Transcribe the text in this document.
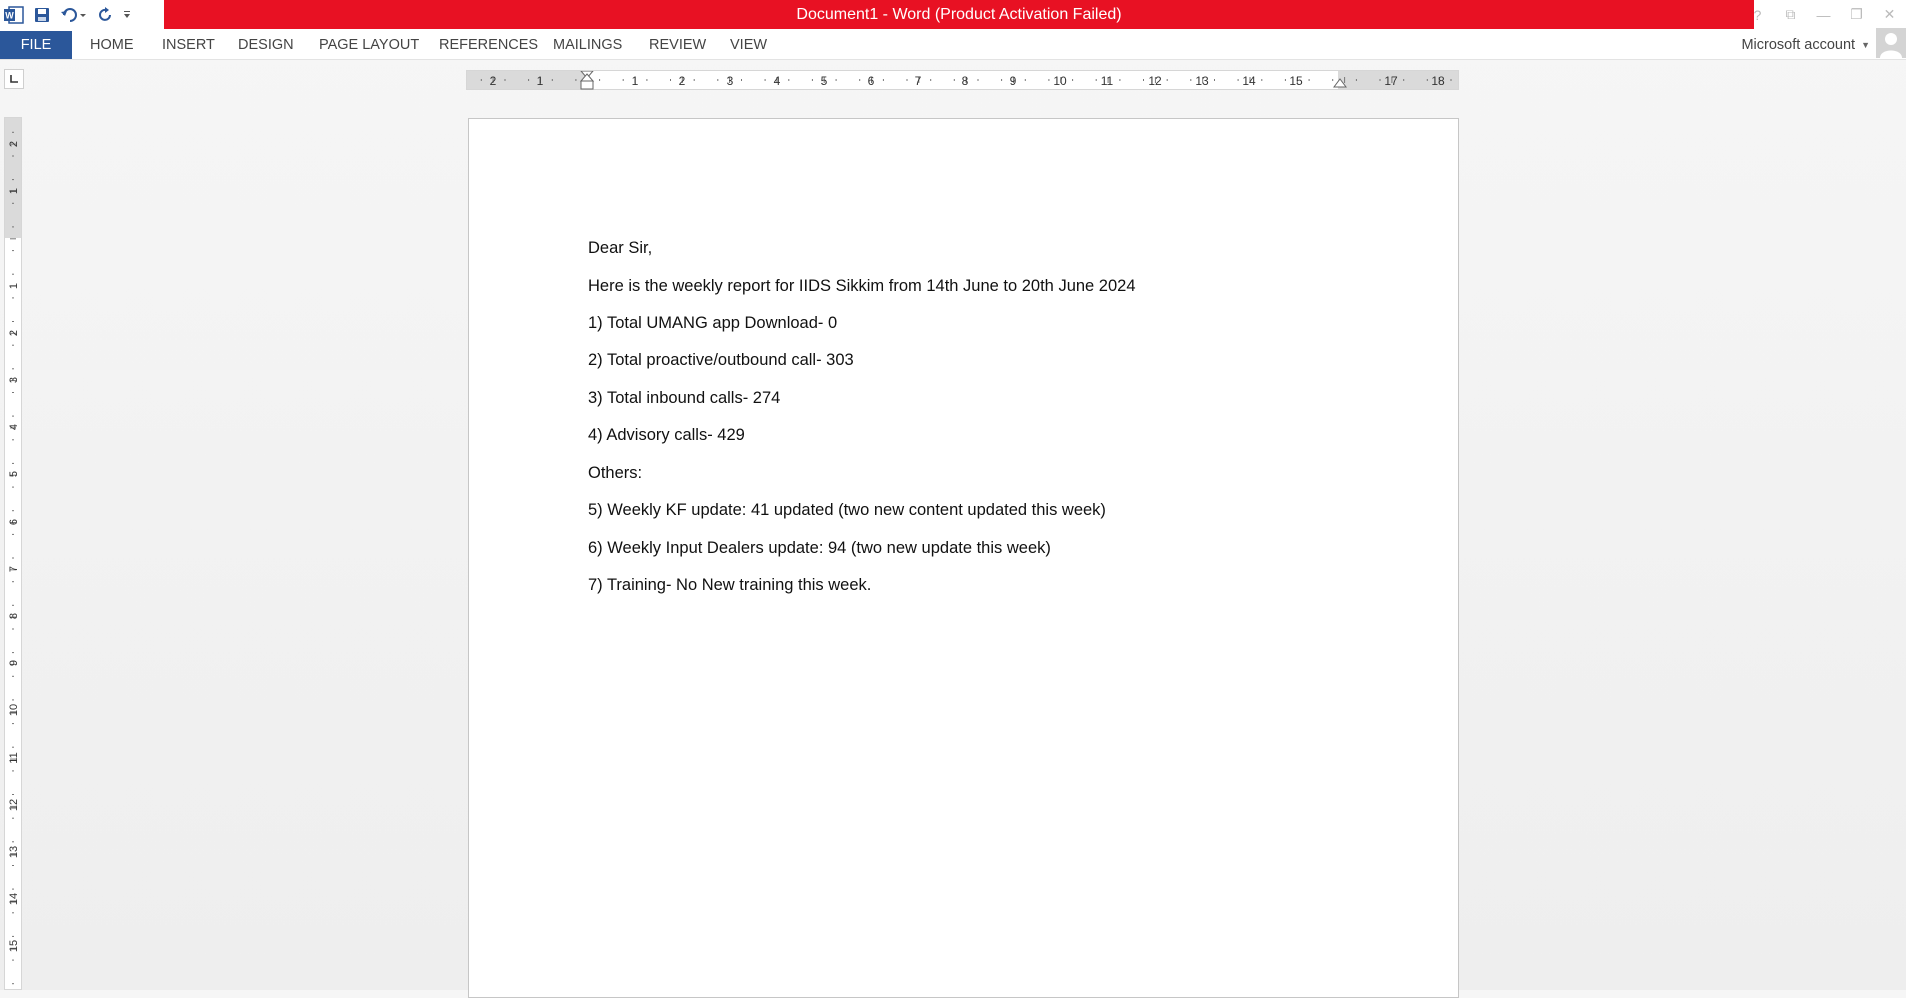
W	Document1 - Word (Product Activation Failed)	?	⧉	—	❐	✕
FILE	HOME INSERT DESIGN PAGE LAYOUT REFERENCES MAILINGS REVIEW VIEW	Microsoft account ▼
2	1	1	2	3	4	5	6	7	8	9	10	11	12	13	14	15	17	18
2
1
1
2
3
4
5
6
7
8
9
10
11
12
13
14
15
Dear Sir,
Here is the weekly report for IIDS Sikkim from 14th June to 20th June 2024
1) Total UMANG app Download- 0
2) Total proactive/outbound call- 303
3) Total inbound calls- 274
4) Advisory calls- 429
Others:
5) Weekly KF update: 41 updated (two new content updated this week)
6) Weekly Input Dealers update: 94 (two new update this week)
7) Training- No New training this week.
